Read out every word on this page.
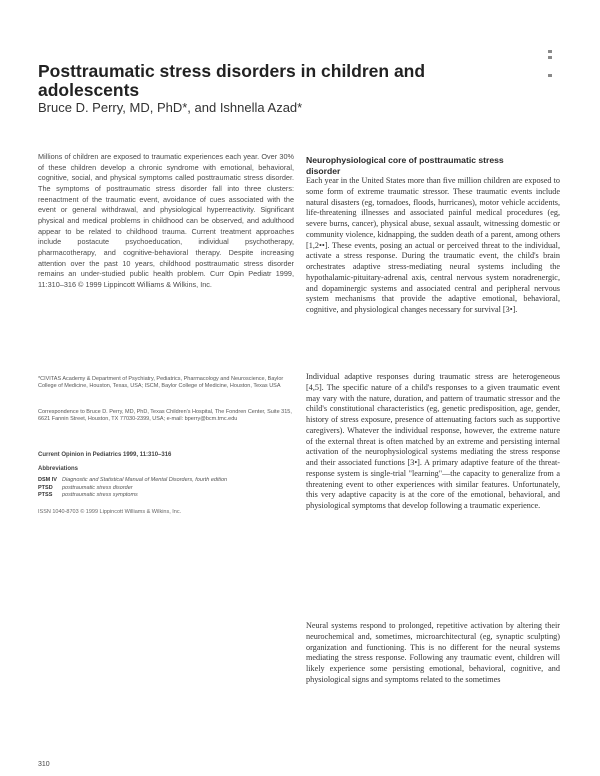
Posttraumatic stress disorders in children and adolescents
Bruce D. Perry, MD, PhD*, and Ishnella Azad*

Millions of children are exposed to traumatic experiences each year. Over 30% of these children develop a chronic syndrome with emotional, behavioral, cognitive, social, and physical symptoms called posttraumatic stress disorder. The symptoms of posttraumatic stress disorder fall into three clusters: reenactment of the traumatic event, avoidance of cues associated with the event or general withdrawal, and physiological hyperreactivity. Significant physical and medical problems in childhood can be observed, and adulthood appear to be related to childhood trauma. Current treatment approaches include postacute psychoeducation, individual psychotherapy, pharmacotherapy, and cognitive-behavioral therapy. Despite increasing attention over the past 10 years, childhood posttraumatic stress disorder remains an under-studied public health problem. Curr Opin Pediatr 1999, 11:310–316 © 1999 Lippincott Williams & Wilkins, Inc.

*CIVITAS Academy & Department of Psychiatry, Pediatrics, Pharmacology and Neuroscience, Baylor College of Medicine, Houston, Texas, USA; ISCM, Baylor College of Medicine, Houston, Texas USA

Correspondence to Bruce D. Perry, MD, PhD, Texas Children's Hospital, The Fondren Center, Suite 315, 6621 Fannin Street, Houston, TX 77030-2399, USA; e-mail: bperry@bcm.tmc.edu

Current Opinion in Pediatrics 1999, 11:310–316
Abbreviations
DSM IV Diagnostic and Statistical Manual of Mental Disorders, fourth edition
PTSD	posttraumatic stress disorder
PTSS	posttraumatic stress symptoms
ISSN 1040-8703 © 1999 Lippincott Williams & Wilkins, Inc.
Neurophysiological core of posttraumatic stress disorder

Each year in the United States more than five million children are exposed to some form of extreme traumatic stressor. These traumatic events include natural disasters (eg, tornadoes, floods, hurricanes), motor vehicle accidents, life-threatening illnesses and associated painful medical procedures (eg, severe burns, cancer), physical abuse, sexual assault, witnessing domestic or community violence, kidnapping, the sudden death of a parent, among others [1,2••]. These events, posing an actual or perceived threat to the individual, activate a stress response. During the traumatic event, the child's brain orchestrates adaptive stress-mediating neural systems including the hypothalamic-pituitary-adrenal axis, central nervous system noradrenergic, and dopaminergic systems and associated central and peripheral nervous system mechanisms that provide the adaptive emotional, behavioral, cognitive, and physiological changes necessary for survival [3•].

Individual adaptive responses during traumatic stress are heterogeneous [4,5]. The specific nature of a child's responses to a given traumatic event may vary with the nature, duration, and pattern of traumatic stressor and the child's constitutional characteristics (eg, genetic predisposition, age, gender, history of stress exposure, presence of attenuating factors such as supportive caregivers). Whatever the individual response, however, the extreme nature of the external threat is often matched by an extreme and persisting internal activation of the neurophysiological systems mediating the stress response and their associated functions [3•]. A primary adaptive feature of the threat-response system is single-trial "learning"—the capacity to generalize from a threatening event to other experiences with similar features. Unfortunately, this very adaptive capacity is at the core of the emotional, behavioral, and physiological symptoms that develop following a traumatic experience.

Neural systems respond to prolonged, repetitive activation by altering their neurochemical and, sometimes, microarchitectural (eg, synaptic sculpting) organization and functioning. This is no different for the neural systems mediating the stress response. Following any traumatic event, children will likely experience some persisting emotional, behavioral, cognitive, and physiological signs and symptoms related to the sometimes

310
